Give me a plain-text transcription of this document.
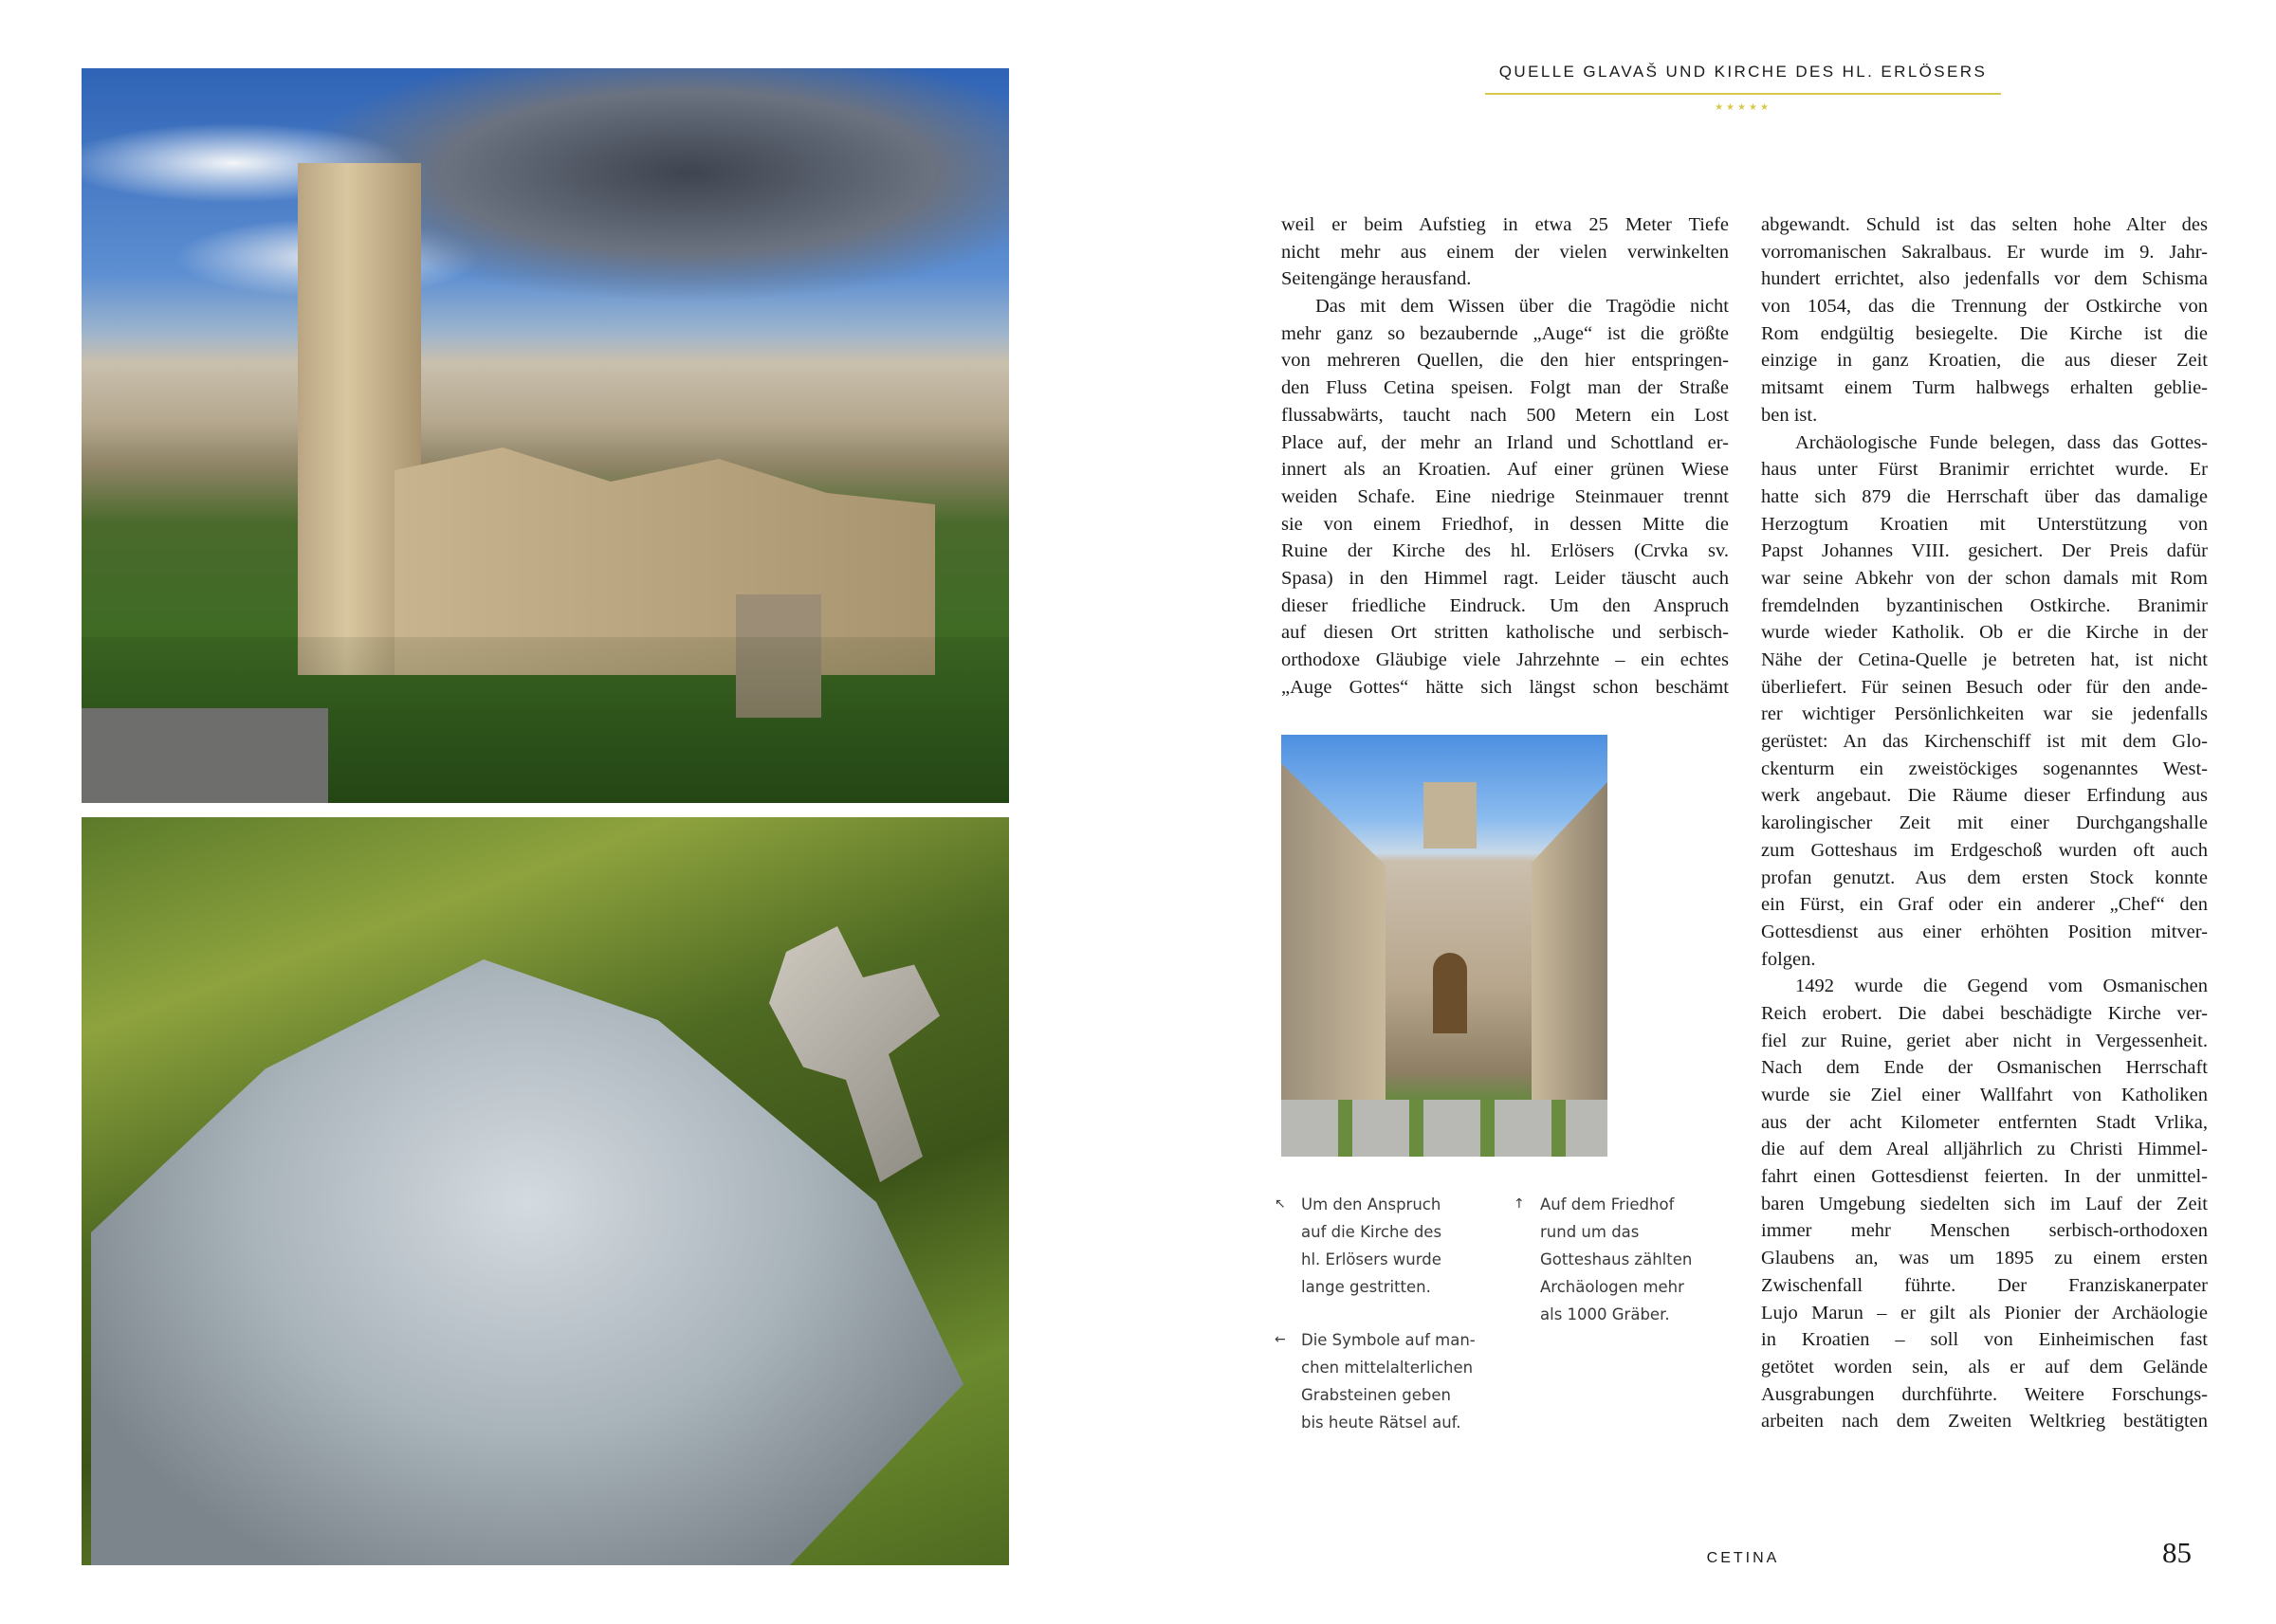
QUELLE GLAVAŠ UND KIRCHE DES HL. ERLÖSERS
★★★★★
weil er beim Aufstieg in etwa 25 Meter Tiefe
nicht mehr aus einem der vielen verwinkelten
Seitengänge herausfand.
Das mit dem Wissen über die Tragödie nicht
mehr ganz so bezaubernde „Auge“ ist die größte
von mehreren Quellen, die den hier entspringen-
den Fluss Cetina speisen. Folgt man der Straße
flussabwärts, taucht nach 500 Metern ein Lost
Place auf, der mehr an Irland und Schottland er-
innert als an Kroatien. Auf einer grünen Wiese
weiden Schafe. Eine niedrige Steinmauer trennt
sie von einem Friedhof, in dessen Mitte die
Ruine der Kirche des hl. Erlösers (Crvka sv.
Spasa) in den Himmel ragt. Leider täuscht auch
dieser friedliche Eindruck. Um den Anspruch
auf diesen Ort stritten katholische und serbisch-
orthodoxe Gläubige viele Jahrzehnte – ein echtes
„Auge Gottes“ hätte sich längst schon beschämt
abgewandt. Schuld ist das selten hohe Alter des
vorromanischen Sakralbaus. Er wurde im 9. Jahr-
hundert errichtet, also jedenfalls vor dem Schisma
von 1054, das die Trennung der Ostkirche von
Rom endgültig besiegelte. Die Kirche ist die
einzige in ganz Kroatien, die aus dieser Zeit
mitsamt einem Turm halbwegs erhalten geblie-
ben ist.
Archäologische Funde belegen, dass das Gottes-
haus unter Fürst Branimir errichtet wurde. Er
hatte sich 879 die Herrschaft über das damalige
Herzogtum Kroatien mit Unterstützung von
Papst Johannes VIII. gesichert. Der Preis dafür
war seine Abkehr von der schon damals mit Rom
fremdelnden byzantinischen Ostkirche. Branimir
wurde wieder Katholik. Ob er die Kirche in der
Nähe der Cetina-Quelle je betreten hat, ist nicht
überliefert. Für seinen Besuch oder für den ande-
rer wichtiger Persönlichkeiten war sie jedenfalls
gerüstet: An das Kirchenschiff ist mit dem Glo-
ckenturm ein zweistöckiges sogenanntes West-
werk angebaut. Die Räume dieser Erfindung aus
karolingischer Zeit mit einer Durchgangshalle
zum Gotteshaus im Erdgeschoß wurden oft auch
profan genutzt. Aus dem ersten Stock konnte
ein Fürst, ein Graf oder ein anderer „Chef“ den
Gottesdienst aus einer erhöhten Position mitver-
folgen.
1492 wurde die Gegend vom Osmanischen
Reich erobert. Die dabei beschädigte Kirche ver-
fiel zur Ruine, geriet aber nicht in Vergessenheit.
Nach dem Ende der Osmanischen Herrschaft
wurde sie Ziel einer Wallfahrt von Katholiken
aus der acht Kilometer entfernten Stadt Vrlika,
die auf dem Areal alljährlich zu Christi Himmel-
fahrt einen Gottesdienst feierten. In der unmittel-
baren Umgebung siedelten sich im Lauf der Zeit
immer mehr Menschen serbisch-orthodoxen
Glaubens an, was um 1895 zu einem ersten
Zwischenfall führte. Der Franziskanerpater
Lujo Marun – er gilt als Pionier der Archäologie
in Kroatien – soll von Einheimischen fast
getötet worden sein, als er auf dem Gelände
Ausgrabungen durchführte. Weitere Forschungs-
arbeiten nach dem Zweiten Weltkrieg bestätigten
↖ Um den Anspruch
auf die Kirche des
hl. Erlösers wurde
lange gestritten.
↑ Auf dem Friedhof
rund um das
Gotteshaus zählten
Archäologen mehr
als 1000 Gräber.
← Die Symbole auf man-
chen mittelalterlichen
Grabsteinen geben
bis heute Rätsel auf.
CETINA	85
